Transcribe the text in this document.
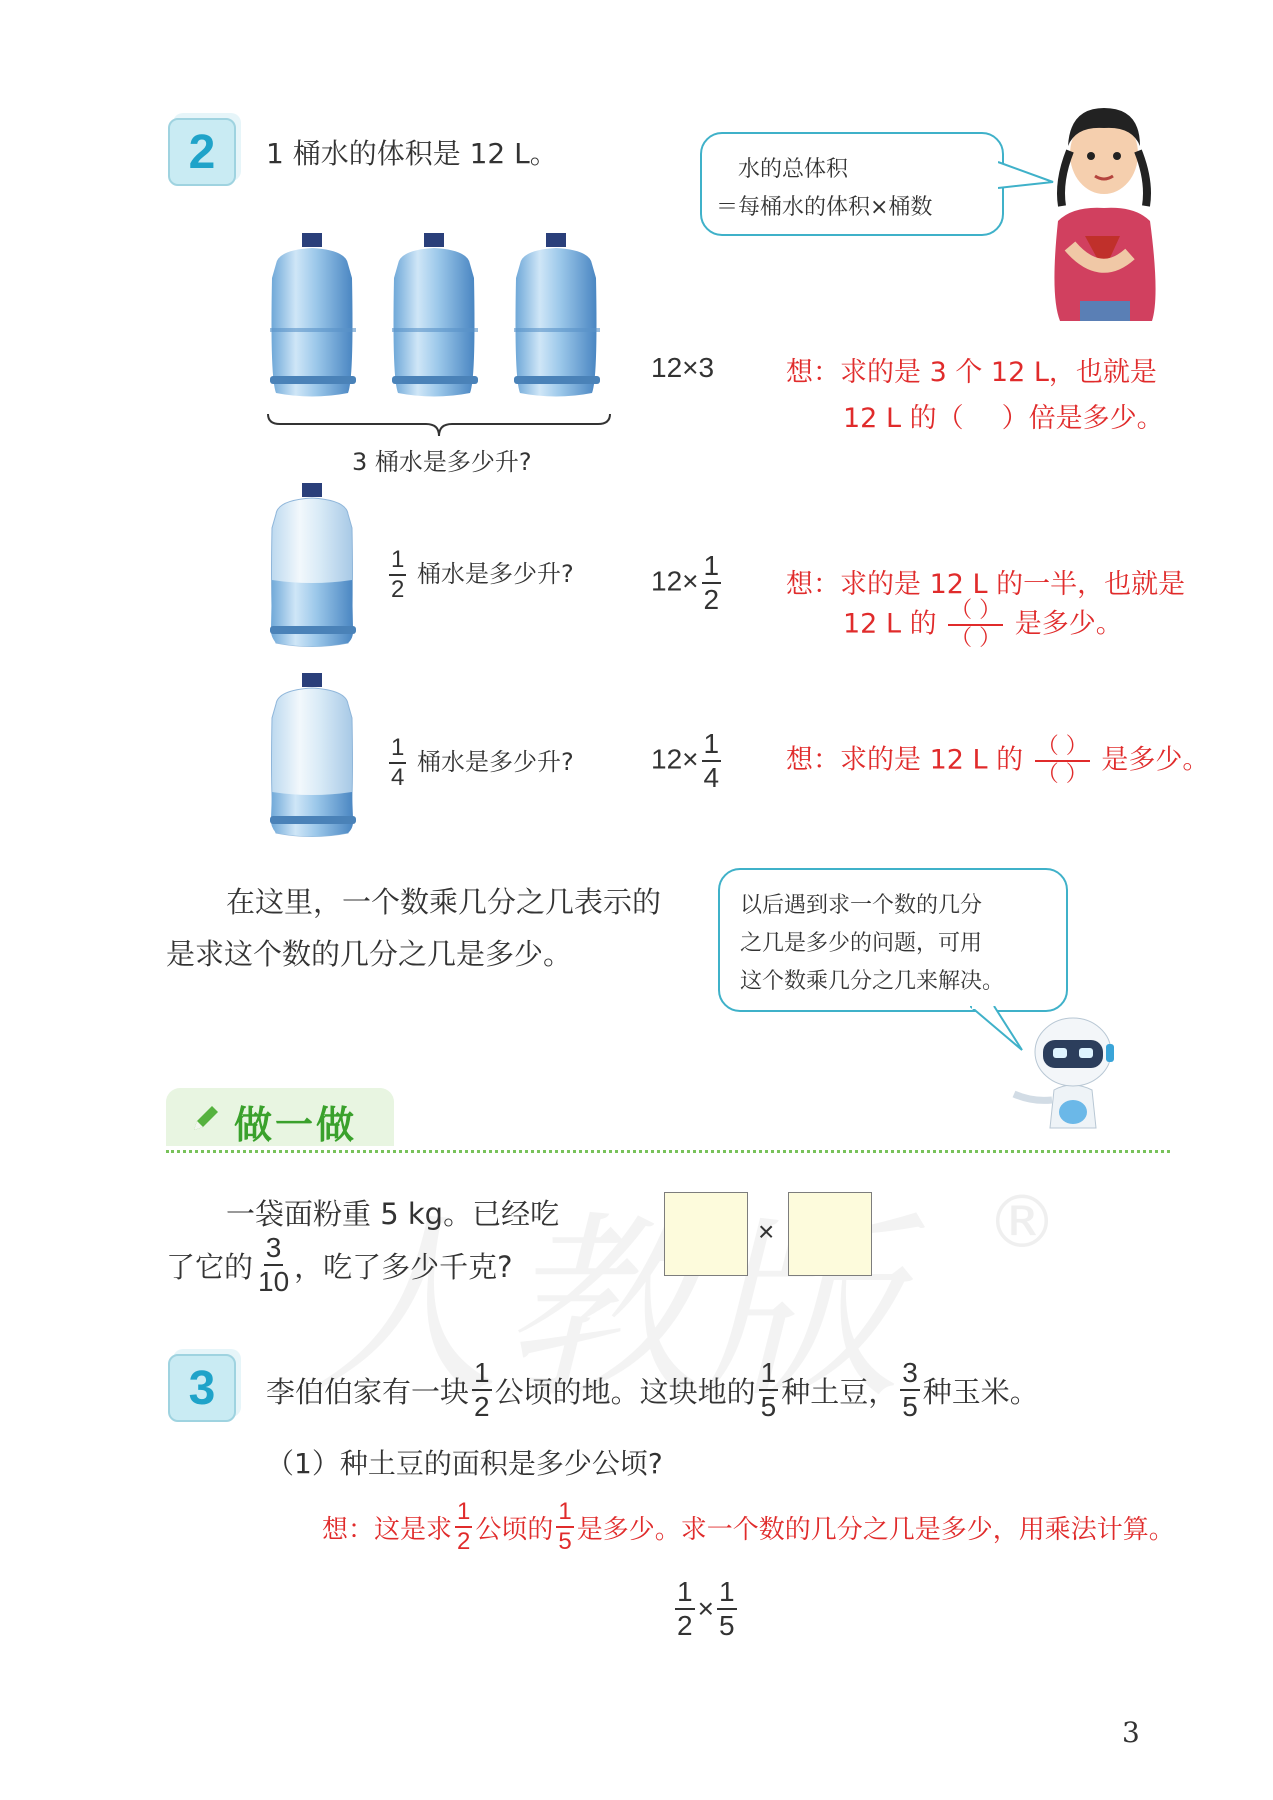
2 1 桶水的体积是 12 L。	水的总体积
＝每桶水的体积×桶数
3 桶水是多少升?
12×3	想：求的是 3 个 12 L，也就是
12 L 的（ ）倍是多少。
$\frac{1}{2}$ 桶水是多少升?	$12\times \frac{1}{2}$ 想：求的是 12 L 的一半，也就是
12 L 的 $\frac{( )}{( )}$ 是多少。
$\frac{1}{4}$ 桶水是多少升?	$12\times \frac{1}{4}$ 想：求的是 12 L 的 $\frac{( )}{( )}$ 是多少。
在这里，一个数乘几分之几表示的
是求这个数的几分之几是多少。
以后遇到求一个数的几分
之几是多少的问题，可用
这个数乘几分之几来解决。
做一做
®
一袋面粉重 5 kg。已经吃
了它的 $\frac{3}{10}$ ，吃了多少千克?
×
3 李伯伯家有一块 $\frac{1}{2}$ 公顷的地。这块地的 $\frac{1}{5}$ 种土豆， $\frac{3}{5}$ 种玉米。
（1）种土豆的面积是多少公顷?
想：这是求 $\frac{1}{2}$ 公顷的 $\frac{1}{5}$ 是多少。求一个数的几分之几是多少，用乘法计算。
$\frac{1}{2} \times \frac{1}{5}$
3
